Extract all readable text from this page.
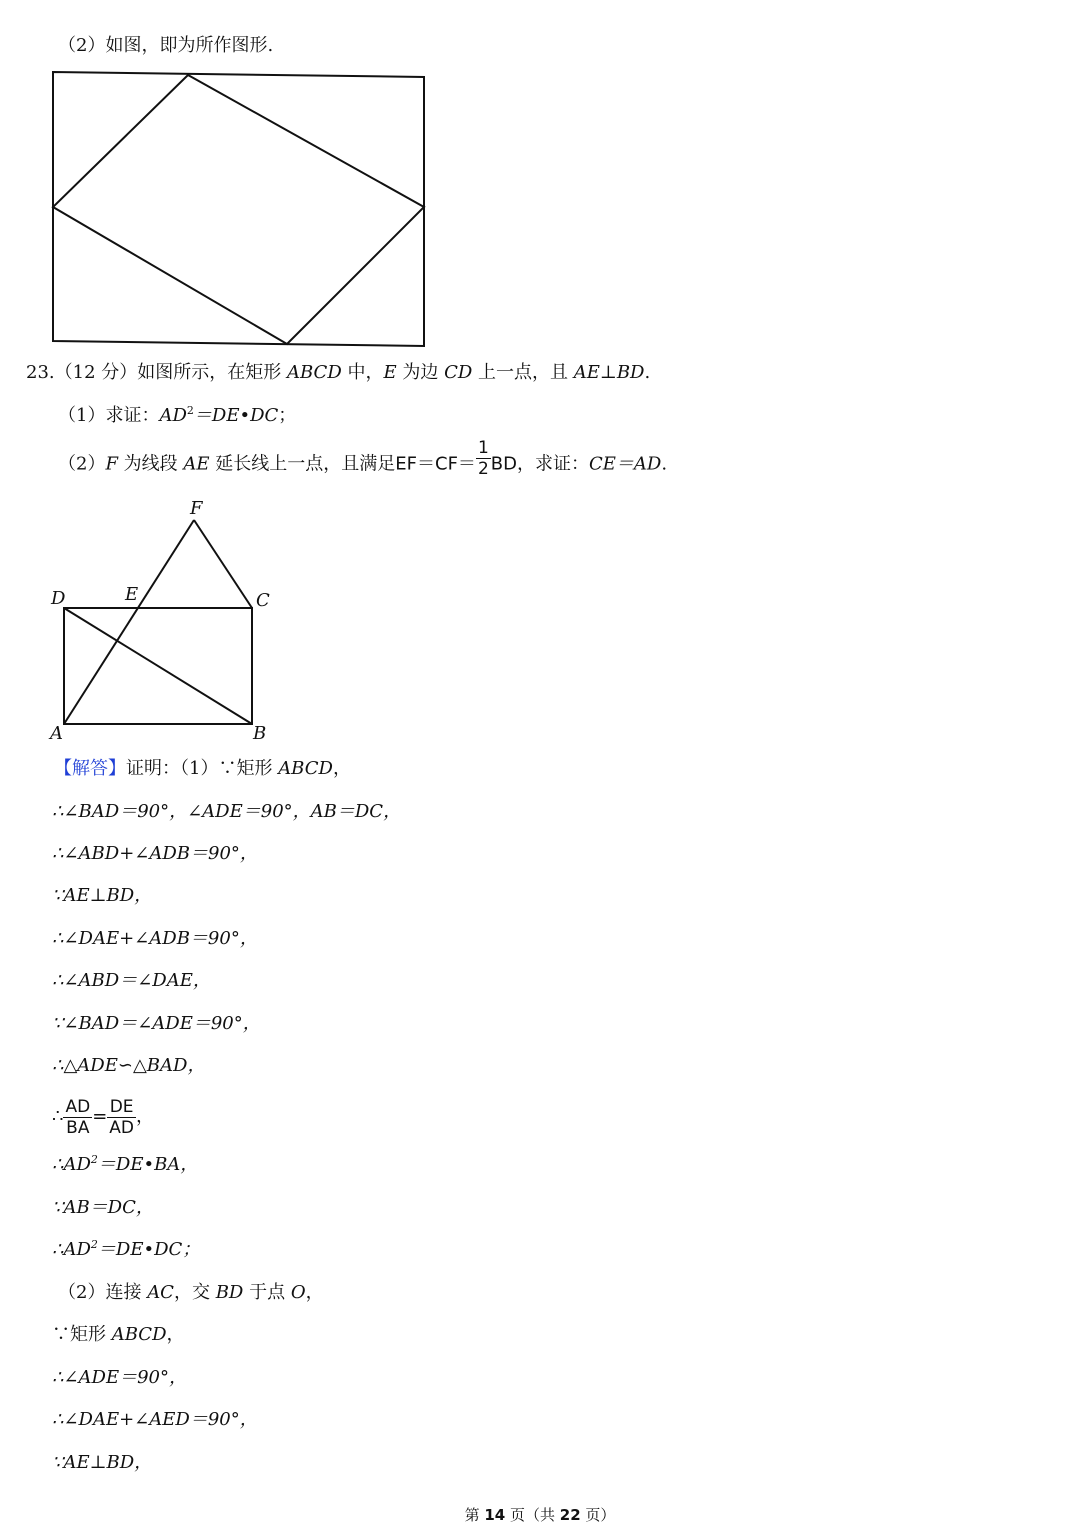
（2）如图，即为所作图形.
23.（12 分）如图所示，在矩形 ABCD 中，E 为边 CD 上一点，且 AE⊥BD.
（1）求证：$AD^2=DE•DC$；
（2）F 为线段 AE 延长线上一点，且满足$EF=CF= \frac{1}{2}$ BD，求证：CE＝AD.
F
D	E	C
A	B
【解答】证明：（1）∵矩形 ABCD，
∴∠BAD＝90°，∠ADE＝90°，AB＝DC，
∴∠ABD+∠ADB＝90°，
∵AE⊥BD，
∴∠DAE+∠ADB＝90°，
∴∠ABD＝∠DAE，
∵∠BAD＝∠ADE＝90°，
∴△ADE∽△BAD，
∴ $\frac{AD}{BA} = \frac{DE}{AD}$ ，
$\therefore AD^2=DE•BA$，
∵AB＝DC，
$\therefore AD^2=DE•DC$；
（2）连接 AC，交 BD 于点 O，
∵矩形 ABCD，
∴∠ADE＝90°，
∴∠DAE+∠AED＝90°，
∵AE⊥BD，
第 14 页（共 22 页）
